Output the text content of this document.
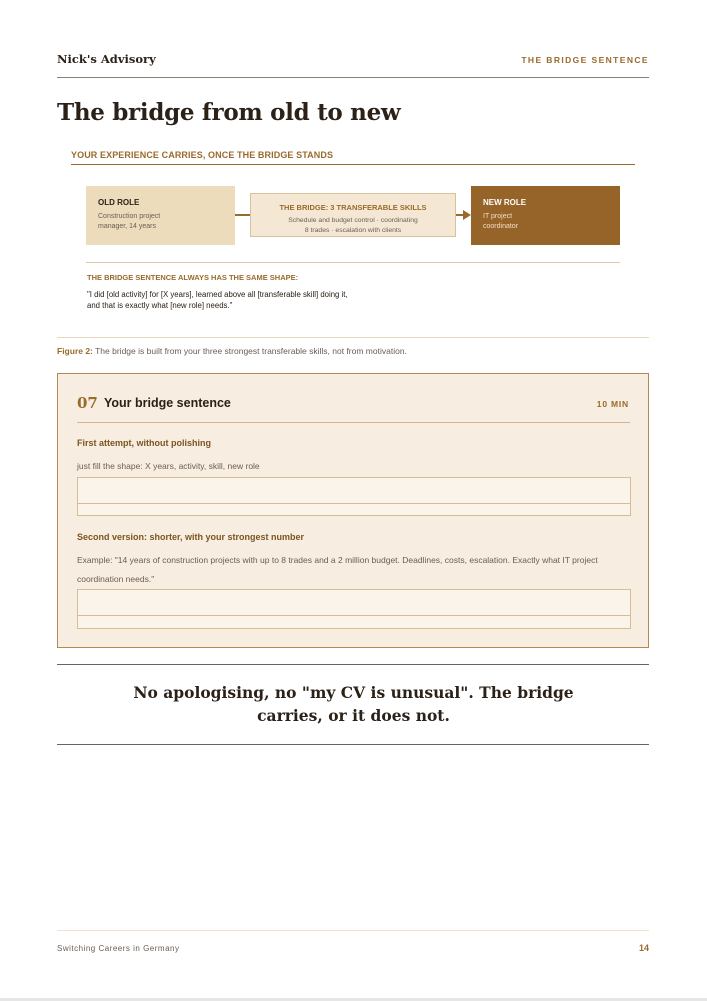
Nick's Advisory	THE BRIDGE SENTENCE
The bridge from old to new
YOUR EXPERIENCE CARRIES, ONCE THE BRIDGE STANDS
OLD ROLE
Construction project
manager, 14 years
THE BRIDGE: 3 TRANSFERABLE SKILLS
Schedule and budget control · coordinating
8 trades · escalation with clients
NEW ROLE
IT project
coordinator
THE BRIDGE SENTENCE ALWAYS HAS THE SAME SHAPE:
"I did [old activity] for [X years], learned above all [transferable skill] doing it,
and that is exactly what [new role] needs."
Figure 2: The bridge is built from your three strongest transferable skills, not from motivation.
07 Your bridge sentence	10 MIN
First attempt, without polishing
just fill the shape: X years, activity, skill, new role
Second version: shorter, with your strongest number
Example: "14 years of construction projects with up to 8 trades and a 2 million budget. Deadlines, costs, escalation. Exactly what IT project coordination needs."
No apologising, no "my CV is unusual". The bridge carries, or it does not.
Switching Careers in Germany	14
